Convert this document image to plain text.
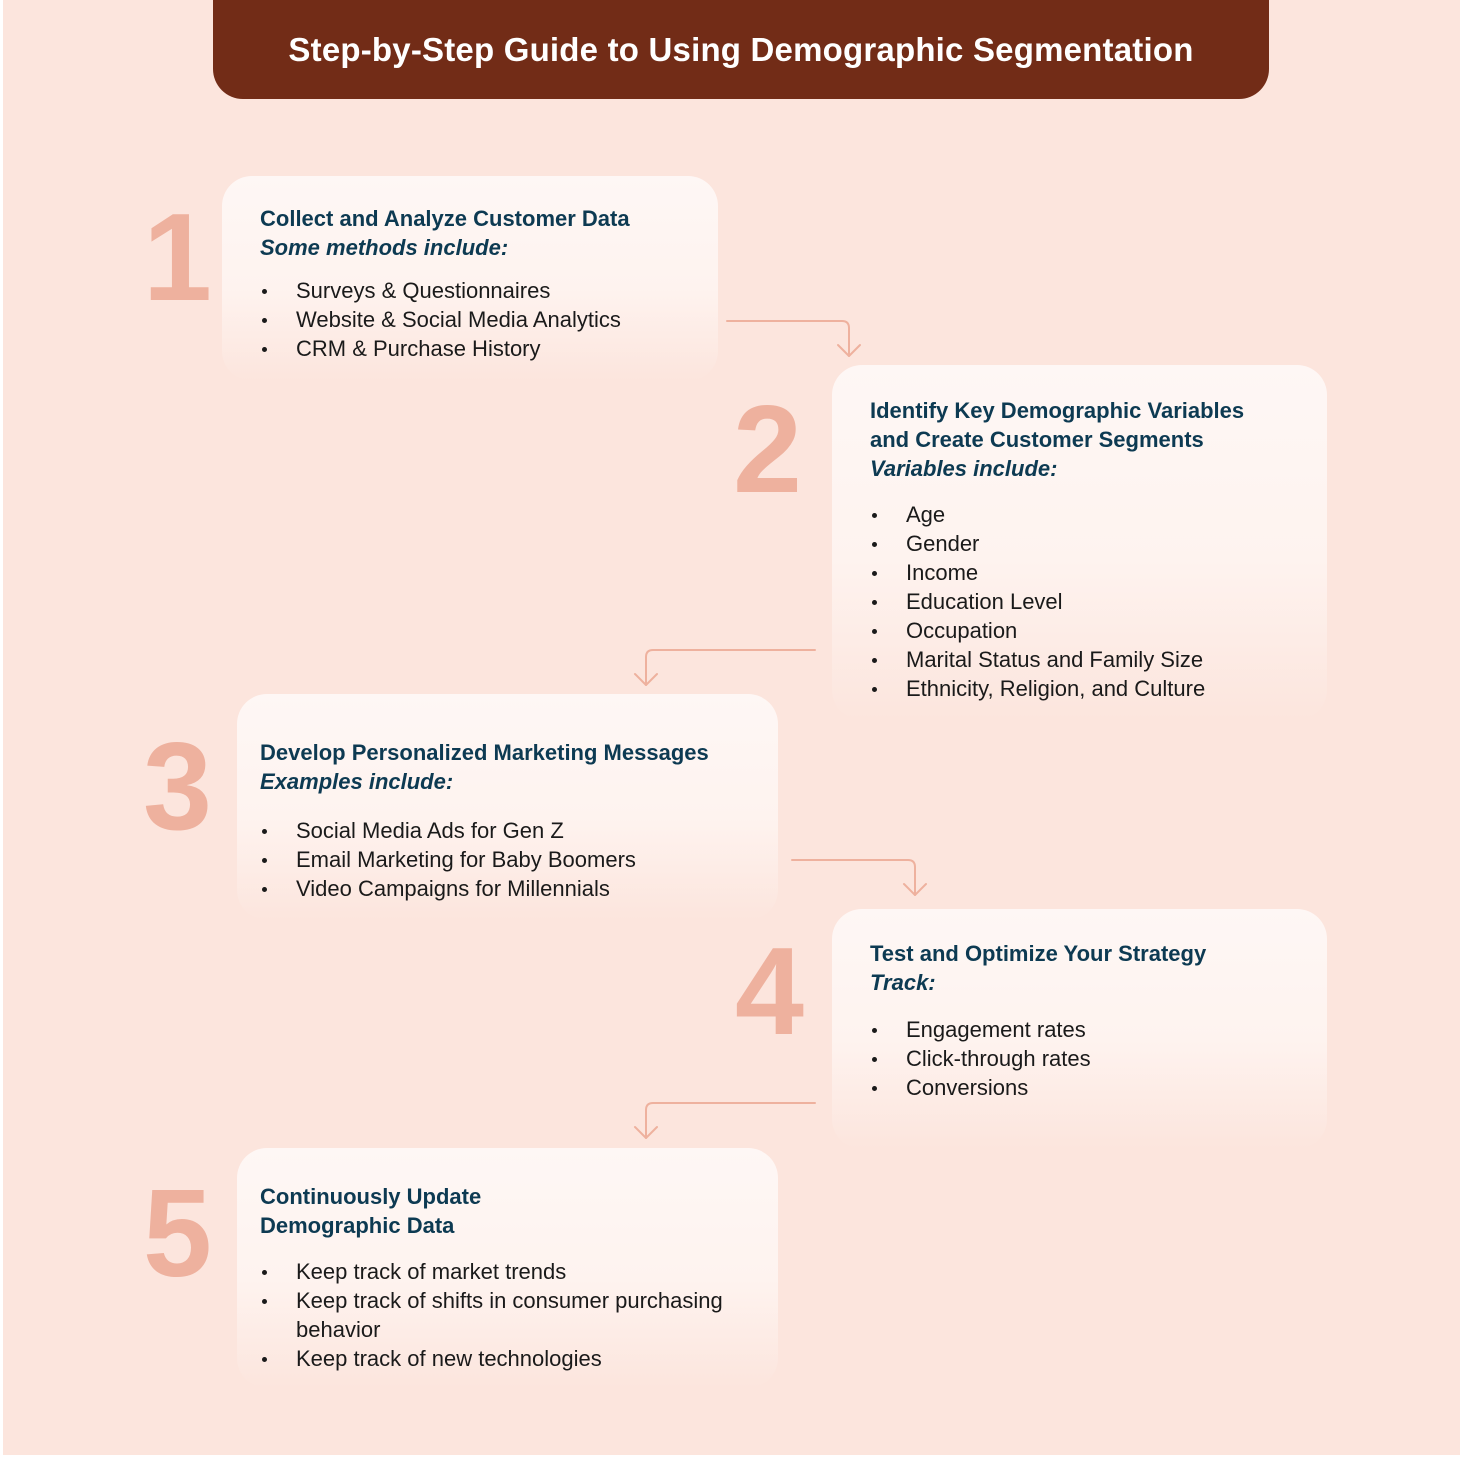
Step-by-Step Guide to Using Demographic Segmentation
1 Collect and Analyze Customer Data

Some methods include:

Surveys & Questionnaires
Website & Social Media Analytics
CRM & Purchase History
2	Identify Key Demographic Variables

and Create Customer Segments

Variables include:

Age
Gender
Income
Education Level
Occupation
Marital Status and Family Size
Ethnicity, Religion, and Culture
3 Develop Personalized Marketing Messages

Examples include:

Social Media Ads for Gen Z
Email Marketing for Baby Boomers
Video Campaigns for Millennials
4	Test and Optimize Your Strategy

Track:

Engagement rates
Click-through rates
Conversions
5 Continuously Update

Demographic Data

Keep track of market trends
Keep track of shifts in consumer purchasing behavior
Keep track of new technologies
